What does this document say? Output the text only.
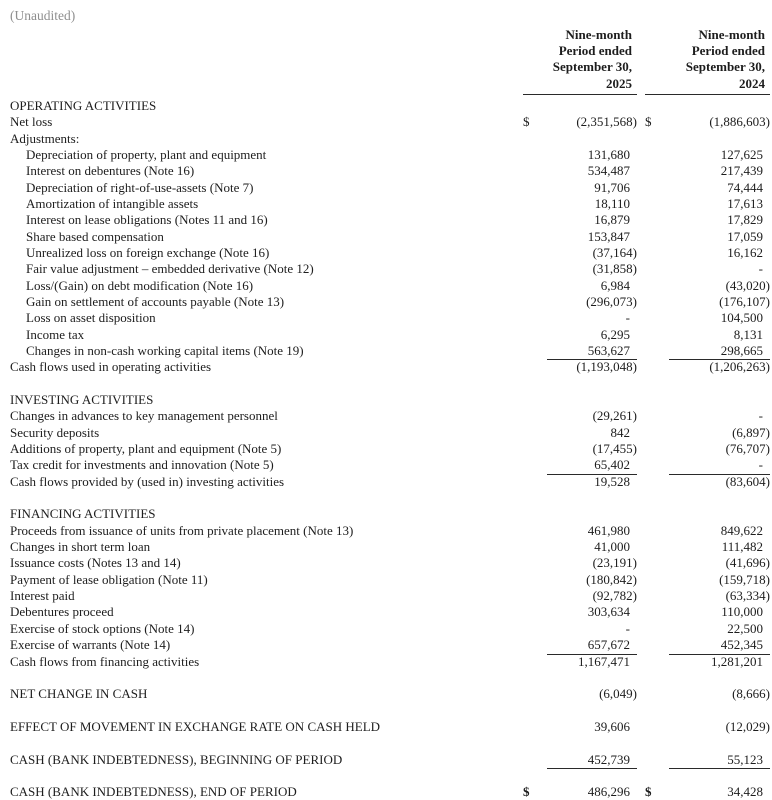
(Unaudited)
Nine-month
Period ended
September 30,
2025
Nine-month
Period ended
September 30,
2024
OPERATING ACTIVITIES
Net loss	$	(2,351,568) $	(1,886,603)
Adjustments:
Depreciation of property, plant and equipment	131,680	127,625
Interest on debentures (Note 16)	534,487	217,439
Depreciation of right-of-use-assets (Note 7)	91,706	74,444
Amortization of intangible assets	18,110	17,613
Interest on lease obligations (Notes 11 and 16)	16,879	17,829
Share based compensation	153,847	17,059
Unrealized loss on foreign exchange (Note 16)	(37,164)	16,162
Fair value adjustment – embedded derivative (Note 12)	(31,858)	-
Loss/(Gain) on debt modification (Note 16)	6,984	(43,020)
Gain on settlement of accounts payable (Note 13)	(296,073)	(176,107)
Loss on asset disposition	-	104,500
Income tax	6,295	8,131
Changes in non-cash working capital items (Note 19)	563,627	298,665
Cash flows used in operating activities	(1,193,048)	(1,206,263)
INVESTING ACTIVITIES
Changes in advances to key management personnel	(29,261)	-
Security deposits	842	(6,897)
Additions of property, plant and equipment (Note 5)	(17,455)	(76,707)
Tax credit for investments and innovation (Note 5)	65,402	-
Cash flows provided by (used in) investing activities	19,528	(83,604)
FINANCING ACTIVITIES
Proceeds from issuance of units from private placement (Note 13)	461,980	849,622
Changes in short term loan	41,000	111,482
Issuance costs (Notes 13 and 14)	(23,191)	(41,696)
Payment of lease obligation (Note 11)	(180,842)	(159,718)
Interest paid	(92,782)	(63,334)
Debentures proceed	303,634	110,000
Exercise of stock options (Note 14)	-	22,500
Exercise of warrants (Note 14)	657,672	452,345
Cash flows from financing activities	1,167,471	1,281,201
NET CHANGE IN CASH	(6,049)	(8,666)
EFFECT OF MOVEMENT IN EXCHANGE RATE ON CASH HELD	39,606	(12,029)
CASH (BANK INDEBTEDNESS), BEGINNING OF PERIOD	452,739	55,123
CASH (BANK INDEBTEDNESS), END OF PERIOD	$	486,296	$	34,428
